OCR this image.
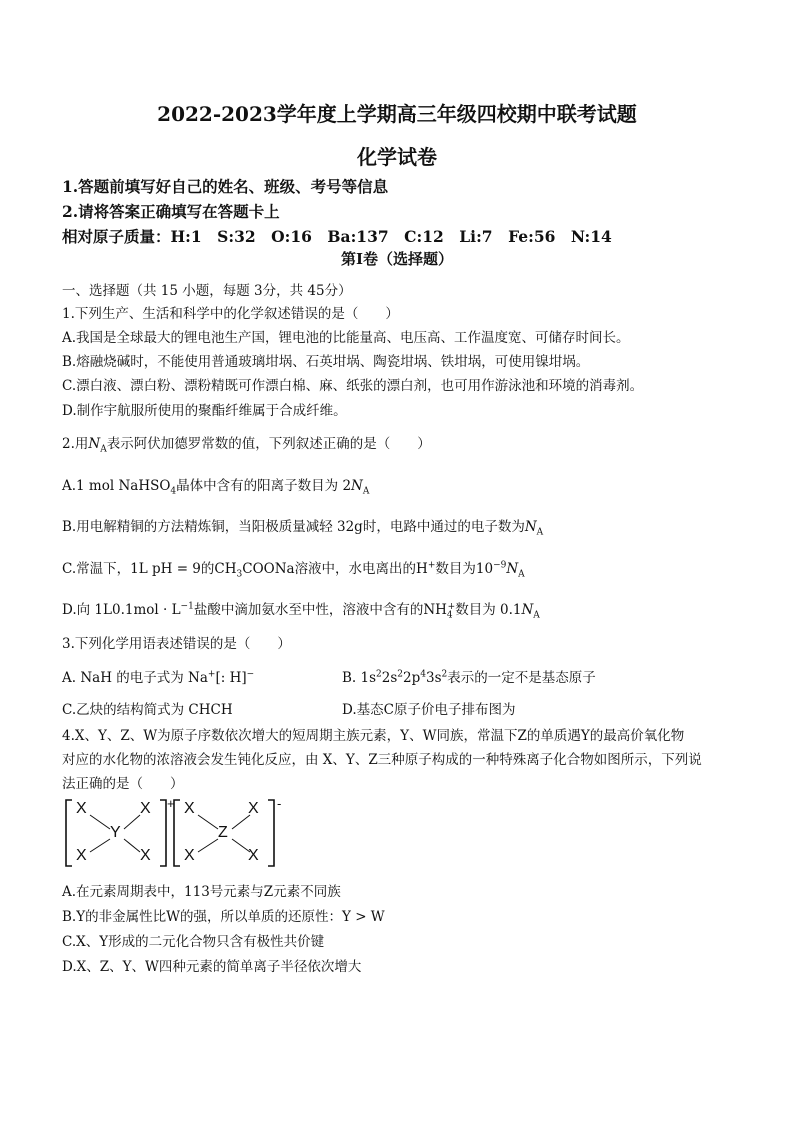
2022-2023学年度上学期高三年级四校期中联考试题
化学试卷
1.答题前填写好自己的姓名、班级、考号等信息
2.请将答案正确填写在答题卡上
相对原子质量：H:1　S:32　O:16　Ba:137　C:12　Li:7　Fe:56　N:14
第I卷（选择题）
一、选择题（共 15 小题，每题 3分，共 45分）
1.下列生产、生活和科学中的化学叙述错误的是（　　）
A.我国是全球最大的锂电池生产国，锂电池的比能量高、电压高、工作温度宽、可储存时间长。
B.熔融烧碱时，不能使用普通玻璃坩埚、石英坩埚、陶瓷坩埚、铁坩埚，可使用镍坩埚。
C.漂白液、漂白粉、漂粉精既可作漂白棉、麻、纸张的漂白剂，也可用作游泳池和环境的消毒剂。
D.制作宇航服所使用的聚酯纤维属于合成纤维。
2.用$N_A$表示阿伏加德罗常数的值，下列叙述正确的是（　　）
A.1 mol NaHSO$_4$晶体中含有的阳离子数目为 $2N_A$
B.用电解精铜的方法精炼铜，当阳极质量减轻 32g时，电路中通过的电子数为$N_A$
C.常温下，1L pH = 9的$CH_3COONa$溶液中，水电离出的H+数目为$10^{-9}N_A$
D.向 $1L0.1mol \cdot L^{-1}$盐酸中滴加氨水至中性，溶液中含有的$NH_4^+$数目为 $0.1N_A$
3.下列化学用语表述错误的是（　　）
A. NaH 的电子式为 Na+[: H]−	B. $1s^22s^22p^43s^2$表示的一定不是基态原子
C.乙炔的结构简式为 CHCH	D.基态C原子价电子排布图为
4.X、Y、Z、W为原子序数依次增大的短周期主族元素，Y、W同族，常温下Z的单质遇Y的最高价氧化物
对应的水化物的浓溶液会发生钝化反应，由 X、Y、Z三种原子构成的一种特殊离子化合物如图所示，下列说
法正确的是（　　）
X	X
Y
X	X
+ X	X
Z
X	X
-
A.在元素周期表中，113号元素与Z元素不同族
B.Y的非金属性比W的强，所以单质的还原性：Y > W
C.X、Y形成的二元化合物只含有极性共价键
D.X、Z、Y、W四种元素的简单离子半径依次增大
